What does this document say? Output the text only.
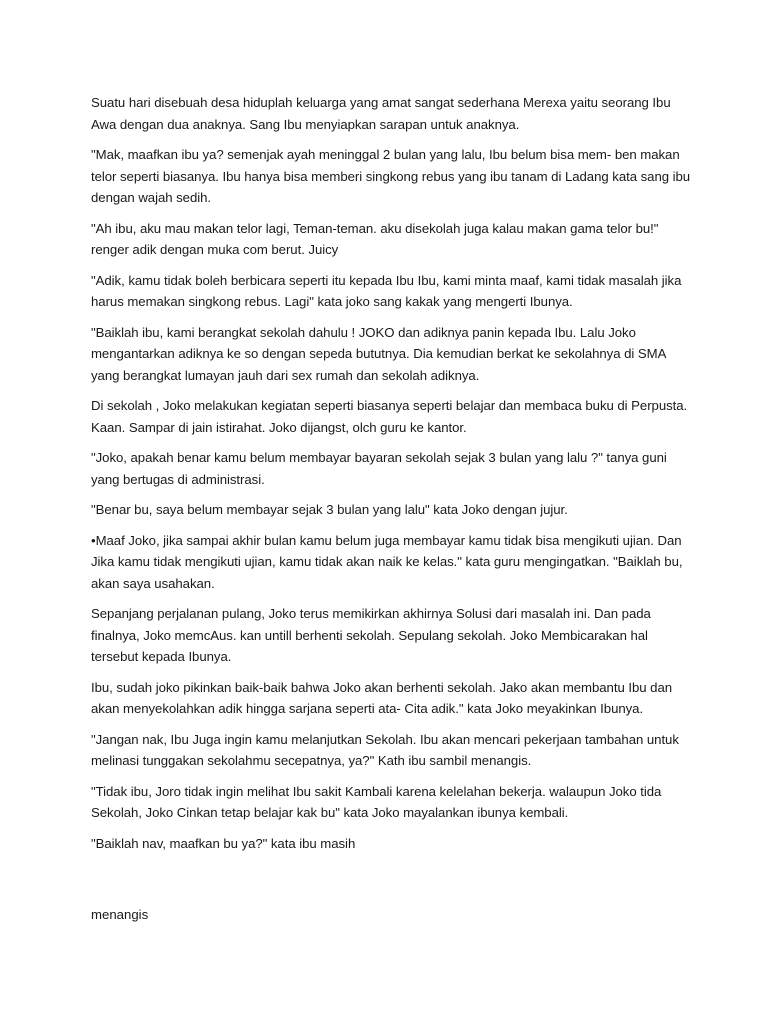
Suatu hari disebuah desa hiduplah keluarga yang amat sangat sederhana Merexa yaitu seorang Ibu Awa dengan dua anaknya. Sang Ibu menyiapkan sarapan untuk anaknya.

"Mak, maafkan ibu ya? semenjak ayah meninggal 2 bulan yang lalu, Ibu belum bisa mem- ben makan telor seperti biasanya. Ibu hanya bisa memberi singkong rebus yang ibu tanam di Ladang kata sang ibu dengan wajah sedih.

"Ah ibu, aku mau makan telor lagi, Teman-teman. aku disekolah juga kalau makan gama telor bu!" renger adik dengan muka com berut. Juicy

"Adik, kamu tidak boleh berbicara seperti itu kepada Ibu Ibu, kami minta maaf, kami tidak masalah jika harus memakan singkong rebus. Lagi" kata joko sang kakak yang mengerti Ibunya.

"Baiklah ibu, kami berangkat sekolah dahulu ! JOKO dan adiknya panin kepada Ibu. Lalu Joko mengantarkan adiknya ke so dengan sepeda bututnya. Dia kemudian berkat ke sekolahnya di SMA yang berangkat lumayan jauh dari sex rumah dan sekolah adiknya.

Di sekolah , Joko melakukan kegiatan seperti biasanya seperti belajar dan membaca buku di Perpusta. Kaan. Sampar di jain istirahat. Joko dijangst, olch guru ke kantor.

"Joko, apakah benar kamu belum membayar bayaran sekolah sejak 3 bulan yang lalu ?" tanya guni yang bertugas di administrasi.

"Benar bu, saya belum membayar sejak 3 bulan yang lalu" kata Joko dengan jujur.

•Maaf Joko, jika sampai akhir bulan kamu belum juga membayar kamu tidak bisa mengikuti ujian. Dan Jika kamu tidak mengikuti ujian, kamu tidak akan naik ke kelas." kata guru mengingatkan. "Baiklah bu, akan saya usahakan.

Sepanjang perjalanan pulang, Joko terus memikirkan akhirnya Solusi dari masalah ini. Dan pada finalnya, Joko memcAus. kan untill berhenti sekolah. Sepulang sekolah. Joko Membicarakan hal tersebut kepada Ibunya.

Ibu, sudah joko pikinkan baik-baik bahwa Joko akan berhenti sekolah. Jako akan membantu Ibu dan akan menyekolahkan adik hingga sarjana seperti ata- Cita adik." kata Joko meyakinkan Ibunya.

"Jangan nak, Ibu Juga ingin kamu melanjutkan Sekolah. Ibu akan mencari pekerjaan tambahan untuk melinasi tunggakan sekolahmu secepatnya, ya?" Kath ibu sambil menangis.

"Tidak ibu, Joro tidak ingin melihat Ibu sakit Kambali karena kelelahan bekerja. walaupun Joko tida Sekolah, Joko Cinkan tetap belajar kak bu" kata Joko mayalankan ibunya kembali.

"Baiklah nav, maafkan bu ya?" kata ibu masih

menangis
